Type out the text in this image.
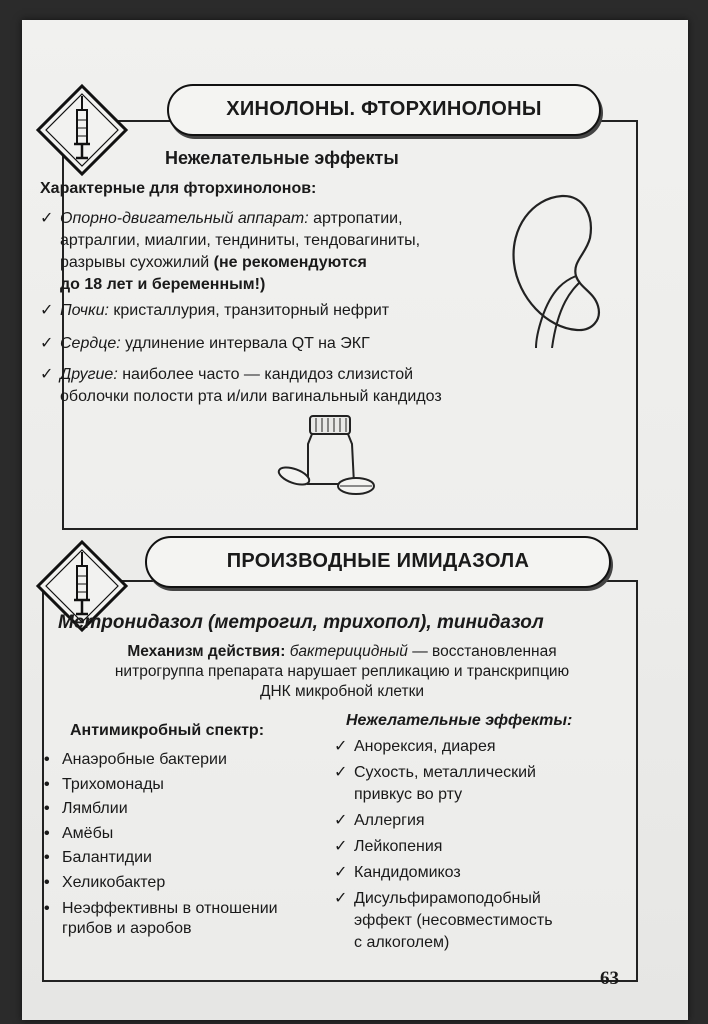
ХИНОЛОНЫ. ФТОРХИНОЛОНЫ
Нежелательные эффекты
Характерные для фторхинолонов:
✓ Опорно-двигательный аппарат: артропатии,
артралгии, миалгии, тендиниты, тендовагиниты,
разрывы сухожилий (не рекомендуются
до 18 лет и беременным!)
✓ Почки: кристаллурия, транзиторный нефрит
✓ Сердце: удлинение интервала QT на ЭКГ
✓ Другие: наиболее часто — кандидоз слизистой
оболочки полости рта и/или вагинальный кандидоз
ПРОИЗВОДНЫЕ ИМИДАЗОЛА
Метронидазол (метрогил, трихопол), тинидазол
Механизм действия: бактерицидный — восстановленная
нитрогруппа препарата нарушает репликацию и транскрипцию
ДНК микробной клетки
Антимикробный спектр:
• Анаэробные бактерии
• Трихомонады
• Лямблии
• Амёбы
• Балантидии
• Хеликобактер
• Неэффективны в отношении
грибов и аэробов
Нежелательные эффекты:
✓ Анорексия, диарея
✓ Сухость, металлический
привкус во рту
✓ Аллергия
✓ Лейкопения
✓ Кандидомикоз
✓ Дисульфирамоподобный
эффект (несовместимость
с алкоголем)
63
